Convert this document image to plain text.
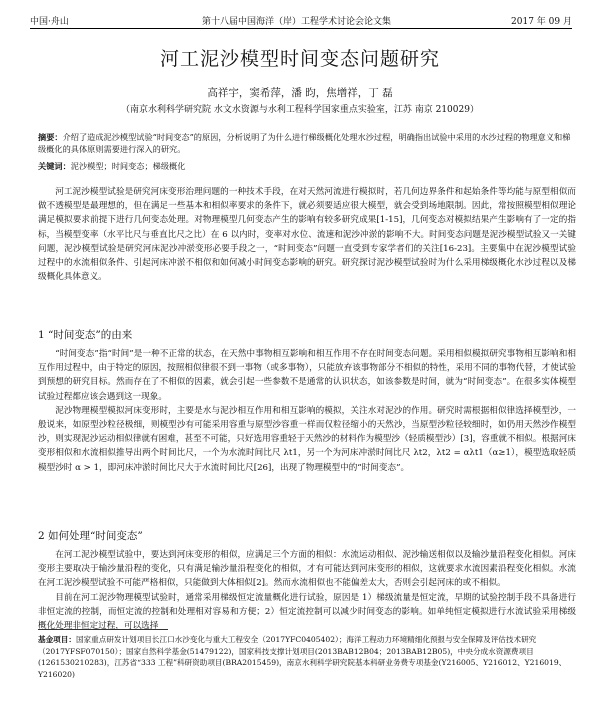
中国·舟山	第十八届中国海洋（岸）工程学术讨论会论文集	2017 年 09 月
河工泥沙模型时间变态问题研究
高祥宇，窦希萍，潘 昀，焦增祥，丁 磊
（南京水利科学研究院 水文水资源与水利工程科学国家重点实验室，江苏 南京 210029）
摘要：介绍了造成泥沙模型试验“时间变态”的原因，分析说明了为什么进行梯级概化处理水沙过程，明确指出试验中采用的水沙过程的物理意义和梯级概化的具体原则需要进行深入的研究。
关键词：泥沙模型；时间变态；梯级概化

河工泥沙模型试验是研究河床变形治理问题的一种技术手段，在对天然河流进行模拟时，若几何边界条件和起始条件等均能与原型相似而做不透模型是最理想的，但在满足一些基本和相似率要求的条件下，就必须要适应很大模型，就会受到场地限制。因此，常按照模型相似理论满足模拟要求前提下进行几何变态处理。对物理模型几何变态产生的影响有较多研究成果[1-15]，几何变态对模拟结果产生影响有了一定的指标，当模型变率（水平比尺与垂直比尺之比）在 6 以内时，变率对水位、流速和泥沙冲淤的影响不大。时间变态问题是泥沙模型试验又一关键问题，泥沙模型试验是研究河床泥沙冲淤变形必要手段之一，“时间变态”问题一直受到专家学者们的关注[16-23]。主要集中在泥沙模型试验过程中的水流相似条件、引起河床冲淤不相似和如何减小时间变态影响的研究。研究探讨泥沙模型试验时为什么采用梯级概化水沙过程以及梯级概化具体意义。

1 “时间变态”的由来

“时间变态”指“时间”是一种不正常的状态，在天然中事物相互影响和相互作用不存在时间变态问题。采用相似模拟研究事物相互影响和相互作用过程中，由于特定的原因，按照相似律很不到一事物（或多事物），只能放弃该事物部分不相似的特性，采用不同的事物代替，才使试验到预想的研究目标。然而存在了不相似的因素，就会引起一些参数不是通常的认识状态，如该参数是时间，就为“时间变态”。在很多实体模型试验过程都应该会遇到这一现象。

泥沙物理模型模拟河床变形时，主要是水与泥沙相互作用和相互影响的模拟，关注水对泥沙的作用。研究时需根据相似律选择模型沙，一般说来，如原型沙粒径极细，则模型沙有可能采用容重与原型沙容重一样而仅粒径缩小的天然沙，当原型沙粒径较细时，如仍用天然沙作模型沙，则实现泥沙运动相似律就有困难，甚至不可能，只好选用容重轻于天然沙的材料作为模型沙（轻质模型沙）[3]，容重就不相似。根据河床变形相似和水流相似推导出两个时间比尺，一个为水流时间比尺 λt1，另一个为河床冲淤时间比尺 λt2，λt2 = αλt1（α≥1），模型选取轻质模型沙时 α > 1，即河床冲淤时间比尺大于水流时间比尺[26]，出现了物理模型中的“时间变态”。

2 如何处理“时间变态”

在河工泥沙模型试验中，要达到河床变形的相似，应满足三个方面的相似：水流运动相似、泥沙输送相似以及输沙量沿程变化相似。河床变形主要取决于输沙量沿程的变化，只有满足输沙量沿程变化的相似，才有可能达到河床变形的相似，这就要求水流因素沿程变化相似。水流在河工泥沙模型试验不可能严格相似，只能做到大体相似[2]。然而水流相似也不能偏差太大，否则会引起河床的或不相似。

目前在河工泥沙物理模型试验时，通常采用梯级恒定流量概化进行试验，原因是 1）梯级流量是恒定流，早期的试验控制手段不具备进行非恒定流的控制，而恒定流的控制和处理相对容易和方便；2）恒定流控制可以减少时间变态的影响。如单纯恒定模拟进行水流试验采用梯级概化处理非恒定过程，可以选择

基金项目：国家重点研发计划项目长江口水沙变化与重大工程安全（2017YFC0405402）；海洋工程动力环境精细化预报与安全保障及评估技术研究（2017YFSF070150）；国家自然科学基金(51479122)，国家科技支撑计划项目(2013BAB12B04；2013BAB12B05)，中央分成水资源费项目(1261530210283)，江苏省“333 工程”科研资助项目(BRA2015459)，南京水利科学研究院基本科研业务费专项基金(Y216005、Y216012、Y216019、Y216020)
